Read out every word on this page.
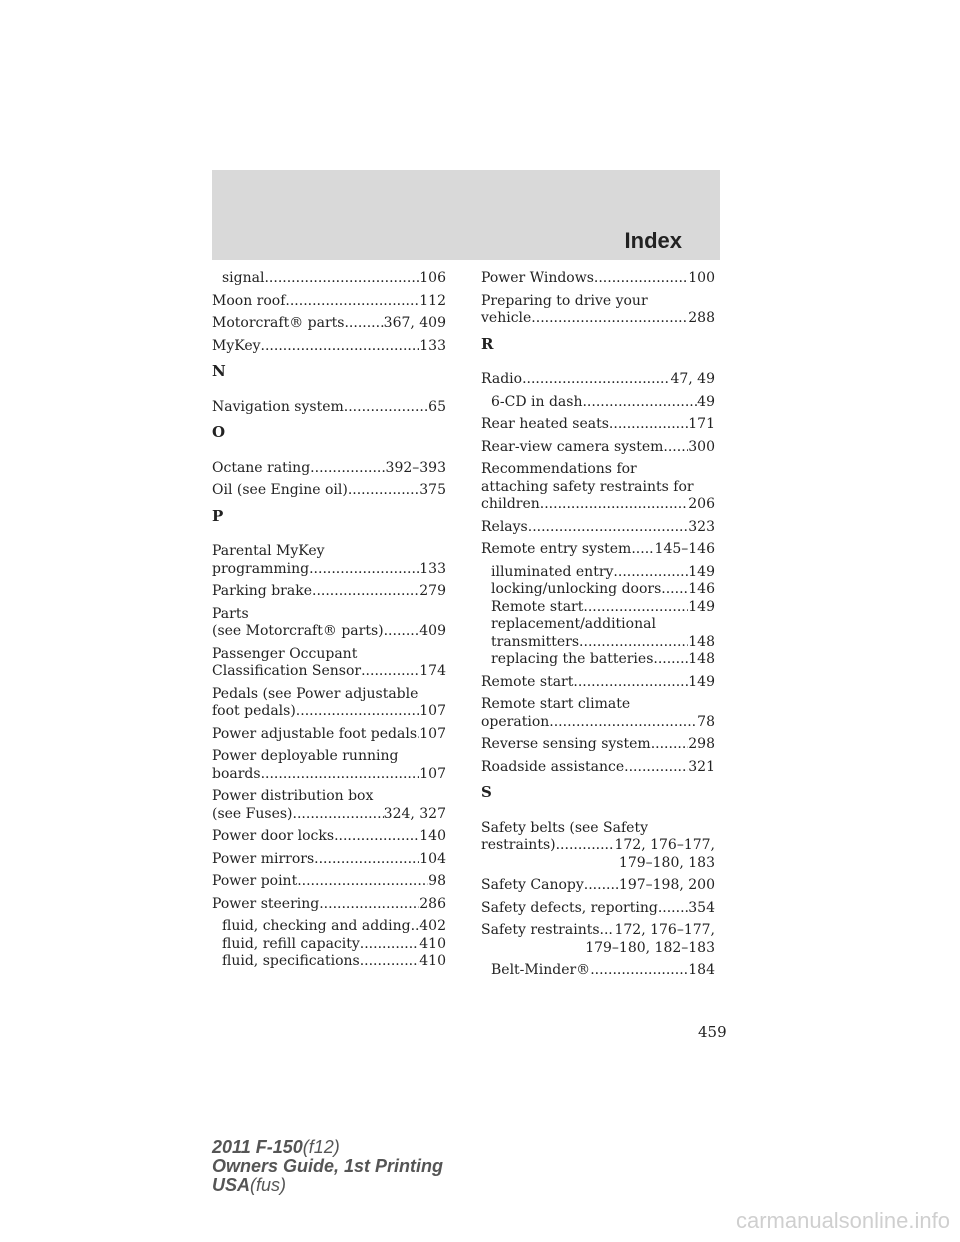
Index
signal .....	106
Moon roof .....	112
Motorcraft® parts .....	367, 409
MyKey .....	133
N
Navigation system .....	65
O
Octane rating .....	392–393
Oil (see Engine oil) .....	375
P
Parental MyKey
programming .....	133
Parking brake .....	279
Parts
(see Motorcraft® parts) .....	409
Passenger Occupant
Classification Sensor .....	174
Pedals (see Power adjustable
foot pedals) .....	107
Power adjustable foot pedals ..... 107
Power deployable running
boards .....	107
Power distribution box
(see Fuses) .....	324, 327
Power door locks .....	140
Power mirrors .....	104
Power point .....	98
Power steering .....	286
fluid, checking and adding ..... 402
fluid, refill capacity .....	410
fluid, specifications .....	410
Power Windows .....	100
Preparing to drive your
vehicle .....	288
R
Radio .....	47, 49
6-CD in dash .....	49
Rear heated seats .....	171
Rear-view camera system ..... 300
Recommendations for
attaching safety restraints for
children .....	206
Relays .....	323
Remote entry system ..... 145–146
illuminated entry .....	149
locking/unlocking doors ..... 146
Remote start .....	149
replacement/additional
transmitters .....	148
replacing the batteries ..... 148
Remote start .....	149
Remote start climate
operation .....	78
Reverse sensing system .....	298
Roadside assistance .....	321
S
Safety belts (see Safety
restraints) .....	172, 176–177,
179–180, 183
Safety Canopy .....	197–198, 200
Safety defects, reporting ..... 354
Safety restraints ..... 172, 176–177,
179–180, 182–183
Belt-Minder® .....	184
459
2011 F-150(f12)
Owners Guide, 1st Printing
USA(fus)
carmanualsonline.info
